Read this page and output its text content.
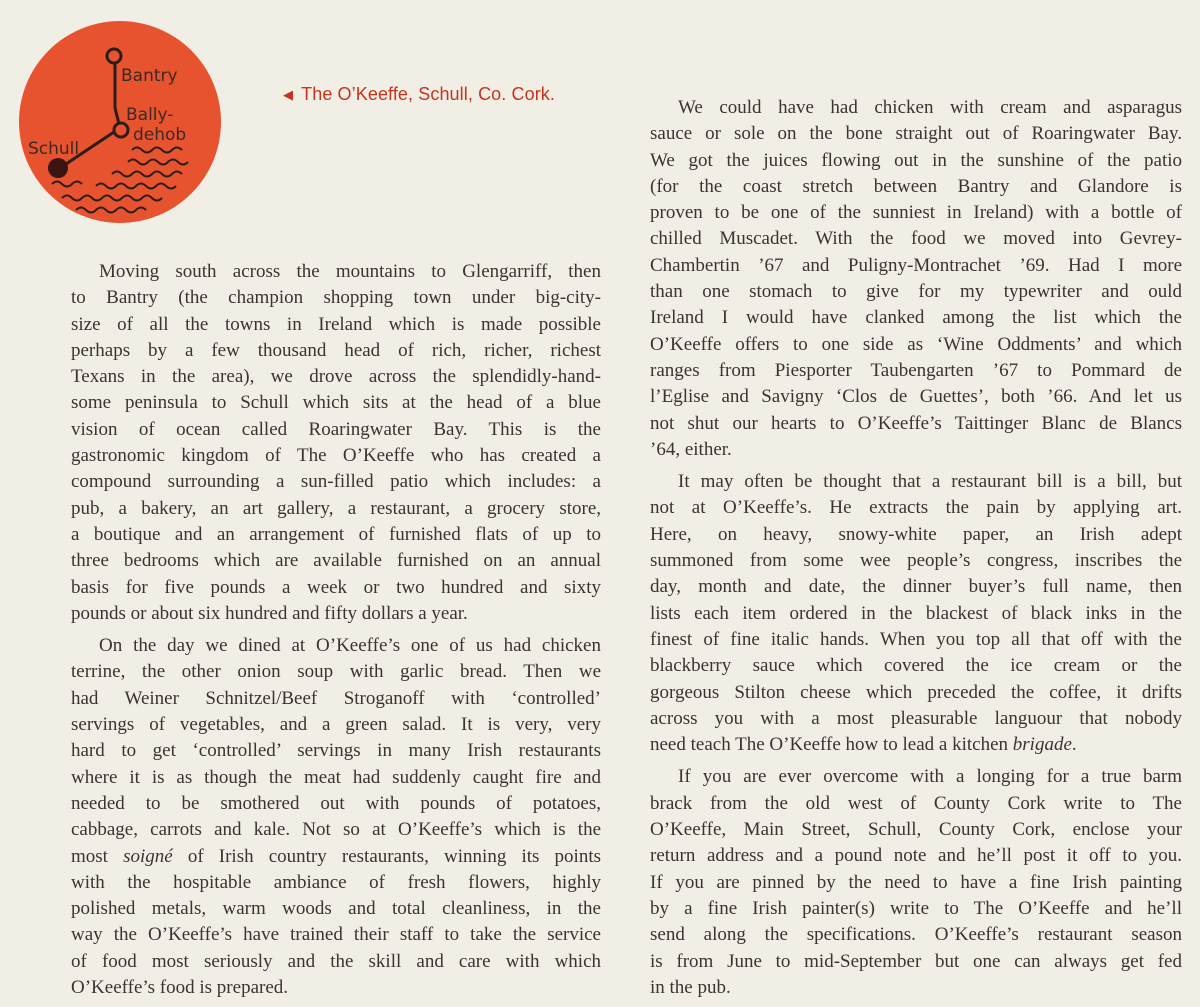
Bantry
Bally-
dehob
Schull
◀ The O’Keeffe, Schull, Co. Cork.

Moving south across the mountains to Glengarriff, then
to Bantry (the champion shopping town under big-city-
size of all the towns in Ireland which is made possible
perhaps by a few thousand head of rich, richer, richest
Texans in the area), we drove across the splendidly-hand-
some peninsula to Schull which sits at the head of a blue
vision of ocean called Roaringwater Bay. This is the
gastronomic kingdom of The O’Keeffe who has created a
compound surrounding a sun-filled patio which includes: a
pub, a bakery, an art gallery, a restaurant, a grocery store,
a boutique and an arrangement of furnished flats of up to
three bedrooms which are available furnished on an annual
basis for five pounds a week or two hundred and sixty
pounds or about six hundred and fifty dollars a year.

On the day we dined at O’Keeffe’s one of us had chicken
terrine, the other onion soup with garlic bread. Then we
had Weiner Schnitzel/Beef Stroganoff with ‘controlled’
servings of vegetables, and a green salad. It is very, very
hard to get ‘controlled’ servings in many Irish restaurants
where it is as though the meat had suddenly caught fire and
needed to be smothered out with pounds of potatoes,
cabbage, carrots and kale. Not so at O’Keeffe’s which is the
most soigné of Irish country restaurants, winning its points
with the hospitable ambiance of fresh flowers, highly
polished metals, warm woods and total cleanliness, in the
way the O’Keeffe’s have trained their staff to take the service
of food most seriously and the skill and care with which
O’Keeffe’s food is prepared.

We could have had chicken with cream and asparagus
sauce or sole on the bone straight out of Roaringwater Bay.
We got the juices flowing out in the sunshine of the patio
(for the coast stretch between Bantry and Glandore is
proven to be one of the sunniest in Ireland) with a bottle of
chilled Muscadet. With the food we moved into Gevrey-
Chambertin ’67 and Puligny-Montrachet ’69. Had I more
than one stomach to give for my typewriter and ould
Ireland I would have clanked among the list which the
O’Keeffe offers to one side as ‘Wine Oddments’ and which
ranges from Piesporter Taubengarten ’67 to Pommard de
l’Eglise and Savigny ‘Clos de Guettes’, both ’66. And let us
not shut our hearts to O’Keeffe’s Taittinger Blanc de Blancs
’64, either.

It may often be thought that a restaurant bill is a bill, but
not at O’Keeffe’s. He extracts the pain by applying art.
Here, on heavy, snowy-white paper, an Irish adept
summoned from some wee people’s congress, inscribes the
day, month and date, the dinner buyer’s full name, then
lists each item ordered in the blackest of black inks in the
finest of fine italic hands. When you top all that off with the
blackberry sauce which covered the ice cream or the
gorgeous Stilton cheese which preceded the coffee, it drifts
across you with a most pleasurable languour that nobody
need teach The O’Keeffe how to lead a kitchen brigade.

If you are ever overcome with a longing for a true barm
brack from the old west of County Cork write to The
O’Keeffe, Main Street, Schull, County Cork, enclose your
return address and a pound note and he’ll post it off to you.
If you are pinned by the need to have a fine Irish painting
by a fine Irish painter(s) write to The O’Keeffe and he’ll
send along the specifications. O’Keeffe’s restaurant season
is from June to mid-September but one can always get fed
in the pub.
